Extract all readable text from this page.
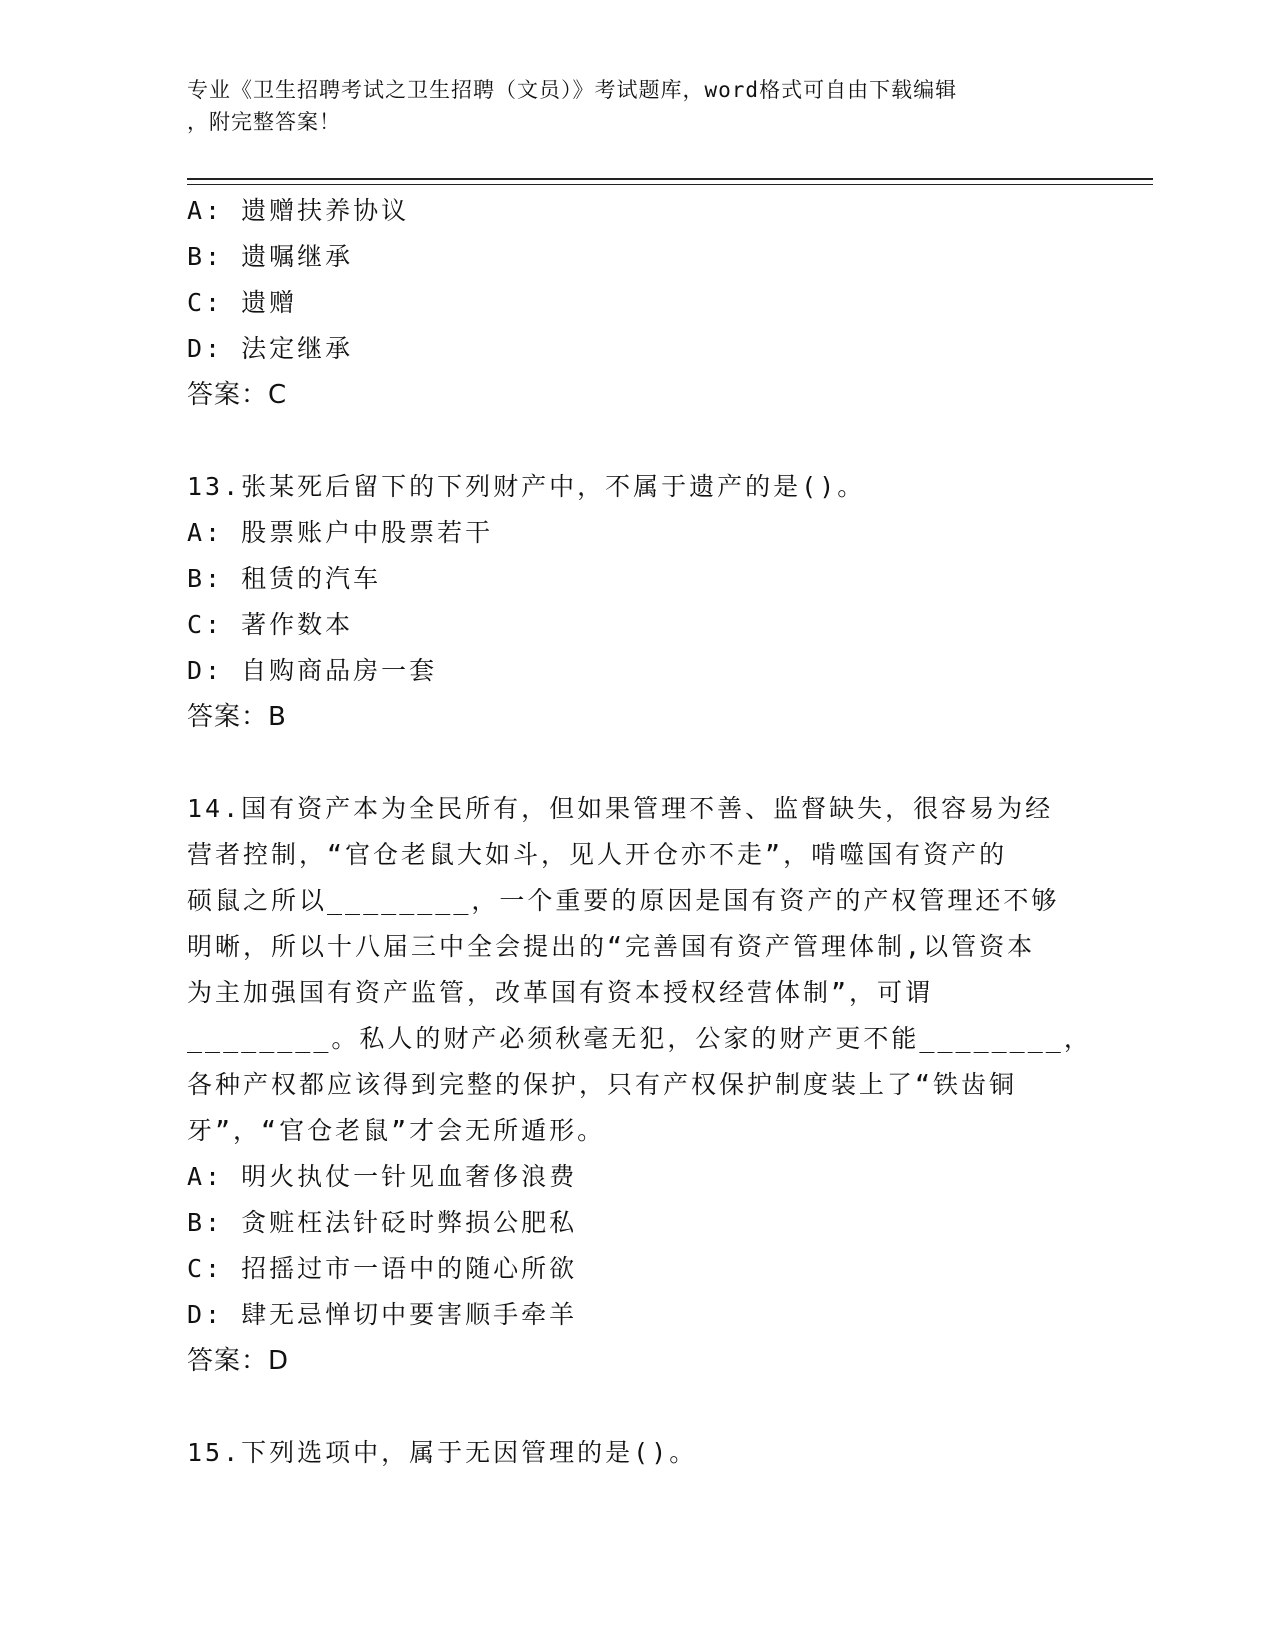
专业《卫生招聘考试之卫生招聘（文员）》考试题库，word格式可自由下载编辑
，附完整答案！
A: 遗赠扶养协议
B: 遗嘱继承
C: 遗赠
D: 法定继承
答案：C
13.张某死后留下的下列财产中，不属于遗产的是()。
A: 股票账户中股票若干
B: 租赁的汽车
C: 著作数本
D: 自购商品房一套
答案：B
14.国有资产本为全民所有，但如果管理不善、监督缺失，很容易为经
营者控制，“官仓老鼠大如斗，见人开仓亦不走”，啃噬国有资产的
硕鼠之所以________，一个重要的原因是国有资产的产权管理还不够
明晰，所以十八届三中全会提出的“完善国有资产管理体制,以管资本
为主加强国有资产监管，改革国有资本授权经营体制”，可谓
________。私人的财产必须秋毫无犯，公家的财产更不能________，
各种产权都应该得到完整的保护，只有产权保护制度装上了“铁齿铜
牙”，“官仓老鼠”才会无所遁形。
A: 明火执仗一针见血奢侈浪费
B: 贪赃枉法针砭时弊损公肥私
C: 招摇过市一语中的随心所欲
D: 肆无忌惮切中要害顺手牵羊
答案：D
15.下列选项中，属于无因管理的是()。
